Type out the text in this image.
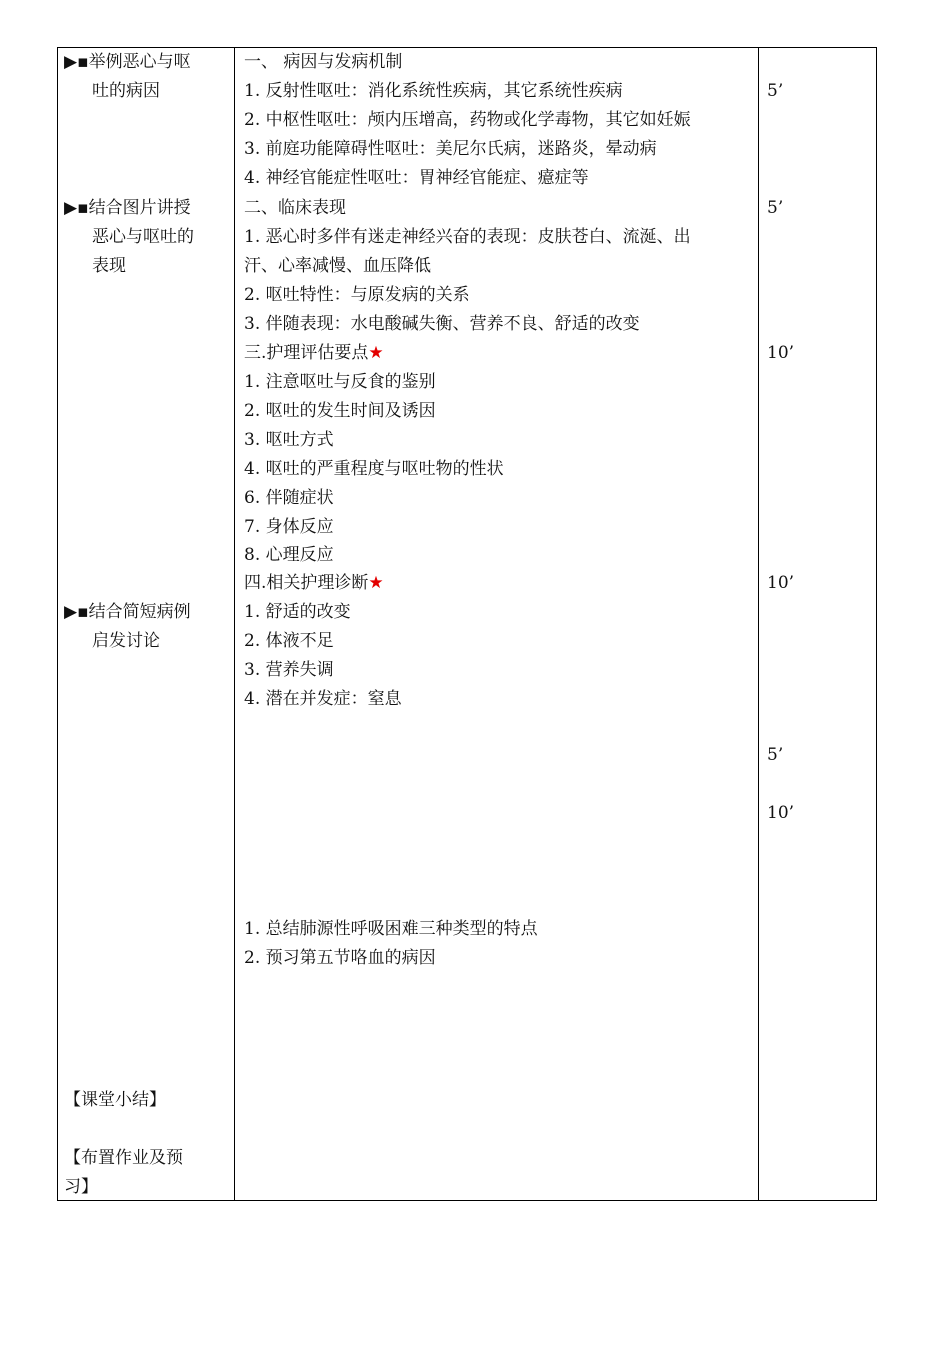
▶▪举例恶心与呕
吐的病因
▶▪结合图片讲授
恶心与呕吐的
表现
▶▪结合简短病例
启发讨论
【课堂小结】
【布置作业及预
习】
一、 病因与发病机制
1. 反射性呕吐：消化系统性疾病，其它系统性疾病
2. 中枢性呕吐：颅内压增高，药物或化学毒物，其它如妊娠
3. 前庭功能障碍性呕吐：美尼尔氏病，迷路炎，晕动病
4. 神经官能症性呕吐：胃神经官能症、癔症等
二、临床表现
1. 恶心时多伴有迷走神经兴奋的表现：皮肤苍白、流涎、出
汗、心率减慢、血压降低
2. 呕吐特性：与原发病的关系
3. 伴随表现：水电酸碱失衡、营养不良、舒适的改变
三.护理评估要点★
1. 注意呕吐与反食的鉴别
2. 呕吐的发生时间及诱因
3. 呕吐方式
4. 呕吐的严重程度与呕吐物的性状
6. 伴随症状
7. 身体反应
8. 心理反应
四.相关护理诊断★
1. 舒适的改变
2. 体液不足
3. 营养失调
4. 潜在并发症：窒息
1. 总结肺源性呼吸困难三种类型的特点
2. 预习第五节咯血的病因
5’
5’
10’
10’
5’
10’
